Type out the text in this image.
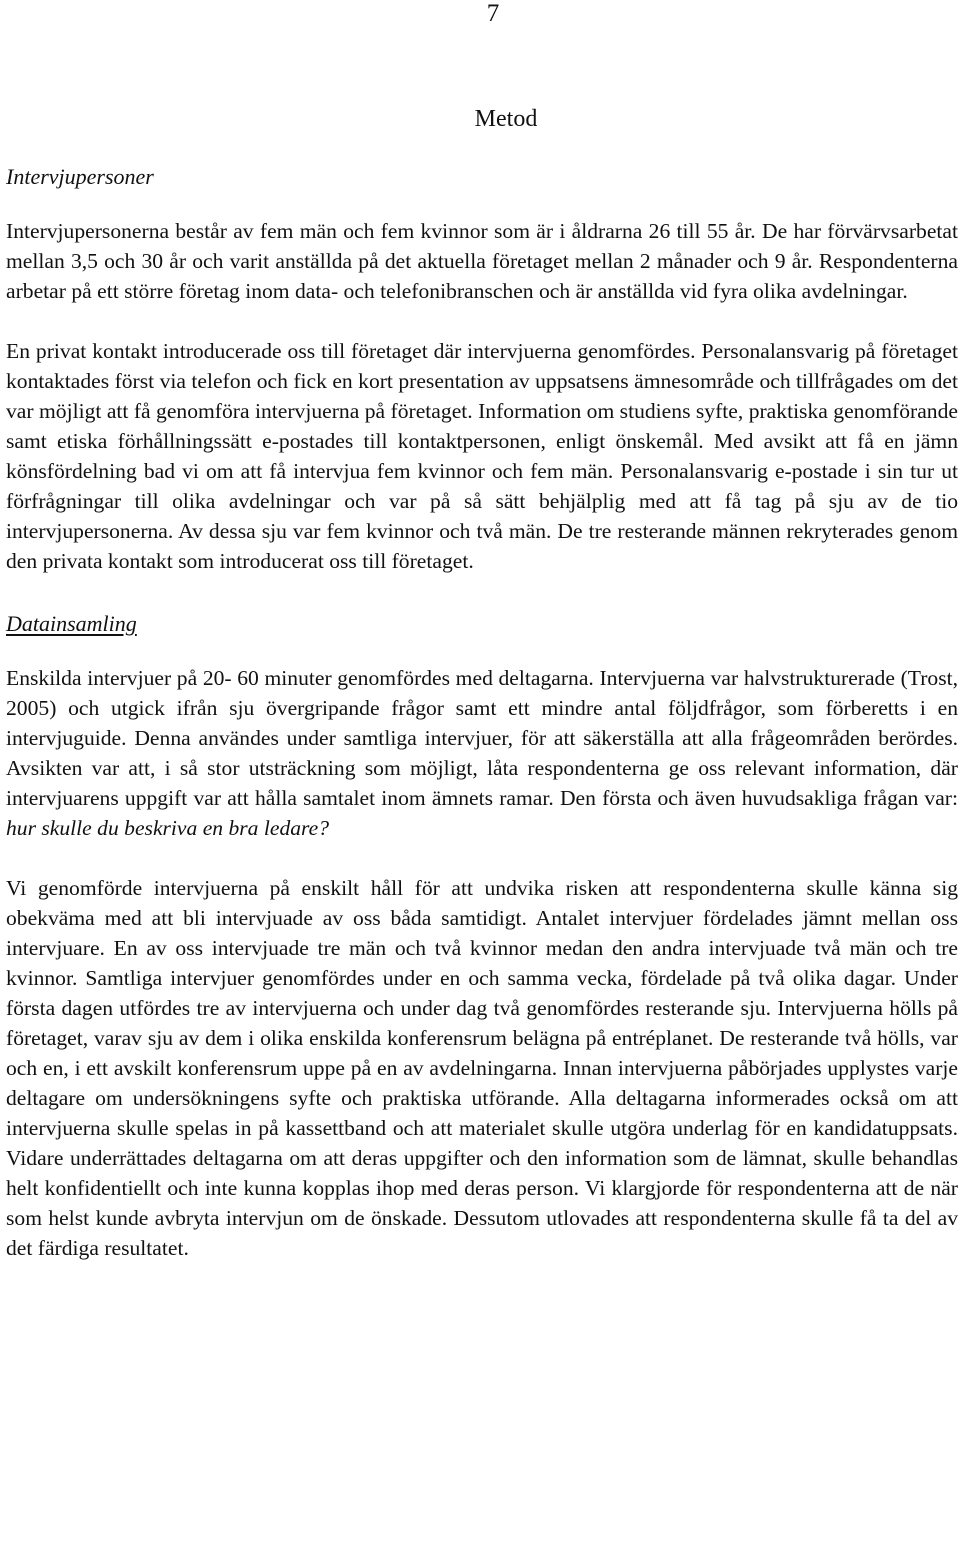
7
Metod
Intervjupersoner

Intervjupersonerna består av fem män och fem kvinnor som är i åldrarna 26 till 55 år. De har förvärvsarbetat mellan 3,5 och 30 år och varit anställda på det aktuella företaget mellan 2 månader och 9 år. Respondenterna arbetar på ett större företag inom data- och telefonibranschen och är anställda vid fyra olika avdelningar.

En privat kontakt introducerade oss till företaget där intervjuerna genomfördes. Personalansvarig på företaget kontaktades först via telefon och fick en kort presentation av uppsatsens ämnesområde och tillfrågades om det var möjligt att få genomföra intervjuerna på företaget. Information om studiens syfte, praktiska genomförande samt etiska förhållningssätt e-postades till kontaktpersonen, enligt önskemål. Med avsikt att få en jämn könsfördelning bad vi om att få intervjua fem kvinnor och fem män. Personalansvarig e-postade i sin tur ut förfrågningar till olika avdelningar och var på så sätt behjälplig med att få tag på sju av de tio intervjupersonerna. Av dessa sju var fem kvinnor och två män. De tre resterande männen rekryterades genom den privata kontakt som introducerat oss till företaget.

Datainsamling

Enskilda intervjuer på 20- 60 minuter genomfördes med deltagarna. Intervjuerna var halvstrukturerade (Trost, 2005) och utgick ifrån sju övergripande frågor samt ett mindre antal följdfrågor, som förberetts i en intervjuguide. Denna användes under samtliga intervjuer, för att säkerställa att alla frågeområden berördes. Avsikten var att, i så stor utsträckning som möjligt, låta respondenterna ge oss relevant information, där intervjuarens uppgift var att hålla samtalet inom ämnets ramar. Den första och även huvudsakliga frågan var: hur skulle du beskriva en bra ledare?

Vi genomförde intervjuerna på enskilt håll för att undvika risken att respondenterna skulle känna sig obekväma med att bli intervjuade av oss båda samtidigt. Antalet intervjuer fördelades jämnt mellan oss intervjuare. En av oss intervjuade tre män och två kvinnor medan den andra intervjuade två män och tre kvinnor. Samtliga intervjuer genomfördes under en och samma vecka, fördelade på två olika dagar. Under första dagen utfördes tre av intervjuerna och under dag två genomfördes resterande sju. Intervjuerna hölls på företaget, varav sju av dem i olika enskilda konferensrum belägna på entréplanet. De resterande två hölls, var och en, i ett avskilt konferensrum uppe på en av avdelningarna. Innan intervjuerna påbörjades upplystes varje deltagare om undersökningens syfte och praktiska utförande. Alla deltagarna informerades också om att intervjuerna skulle spelas in på kassettband och att materialet skulle utgöra underlag för en kandidatuppsats. Vidare underrättades deltagarna om att deras uppgifter och den information som de lämnat, skulle behandlas helt konfidentiellt och inte kunna kopplas ihop med deras person. Vi klargjorde för respondenterna att de när som helst kunde avbryta intervjun om de önskade. Dessutom utlovades att respondenterna skulle få ta del av det färdiga resultatet.
